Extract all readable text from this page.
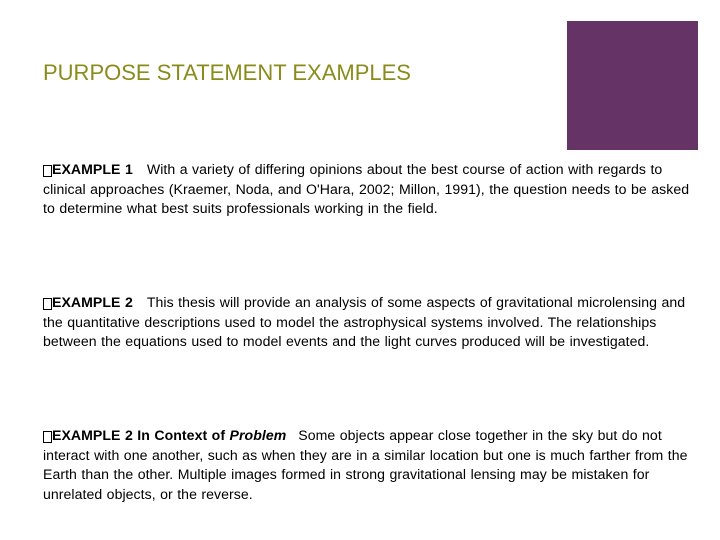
PURPOSE STATEMENT EXAMPLES

EXAMPLE 1 With a variety of differing opinions about the best course of action with regards to clinical approaches (Kraemer, Noda, and O'Hara, 2002; Millon, 1991), the question needs to be asked to determine what best suits professionals working in the field.

EXAMPLE 2 This thesis will provide an analysis of some aspects of gravitational microlensing and the quantitative descriptions used to model the astrophysical systems involved. The relationships between the equations used to model events and the light curves produced will be investigated.

EXAMPLE 2 In Context of Problem Some objects appear close together in the sky but do not interact with one another, such as when they are in a similar location but one is much farther from the Earth than the other. Multiple images formed in strong gravitational lensing may be mistaken for unrelated objects, or the reverse.
